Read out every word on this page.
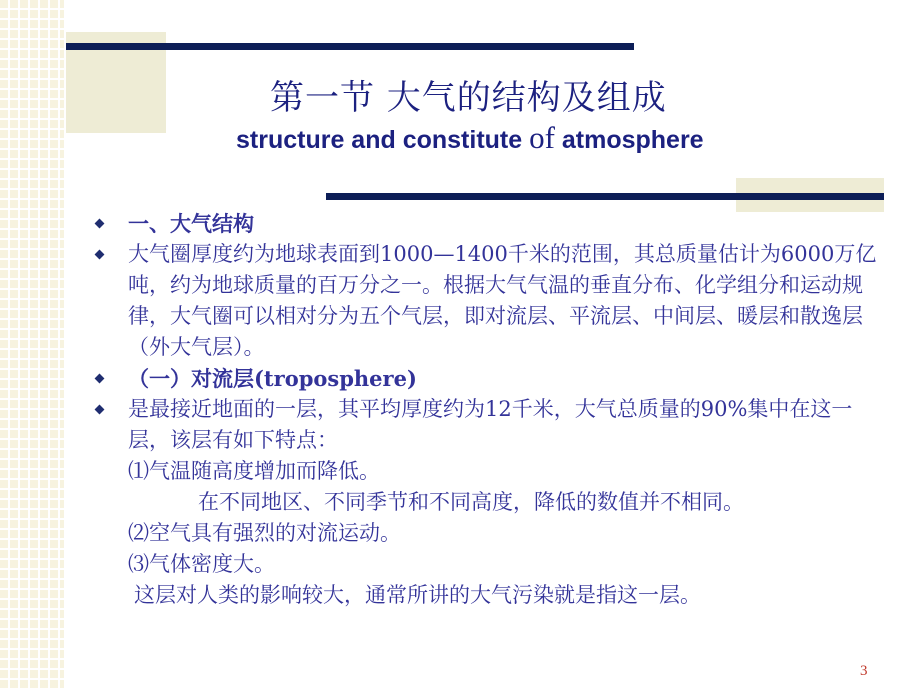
第一节 大气的结构及组成
structure and constitute of atmosphere
一、大气结构
大气圈厚度约为地球表面到1000—1400千米的范围，其总质量估计为6000万亿吨，约为地球质量的百万分之一。根据大气气温的垂直分布、化学组分和运动规律，大气圈可以相对分为五个气层，即对流层、平流层、中间层、暖层和散逸层（外大气层）。
（一）对流层(troposphere)
是最接近地面的一层，其平均厚度约为12千米，大气总质量的90%集中在这一层，该层有如下特点：
⑴气温随高度增加而降低。
在不同地区、不同季节和不同高度，降低的数值并不相同。
⑵空气具有强烈的对流运动。
⑶气体密度大。
这层对人类的影响较大，通常所讲的大气污染就是指这一层。
3
